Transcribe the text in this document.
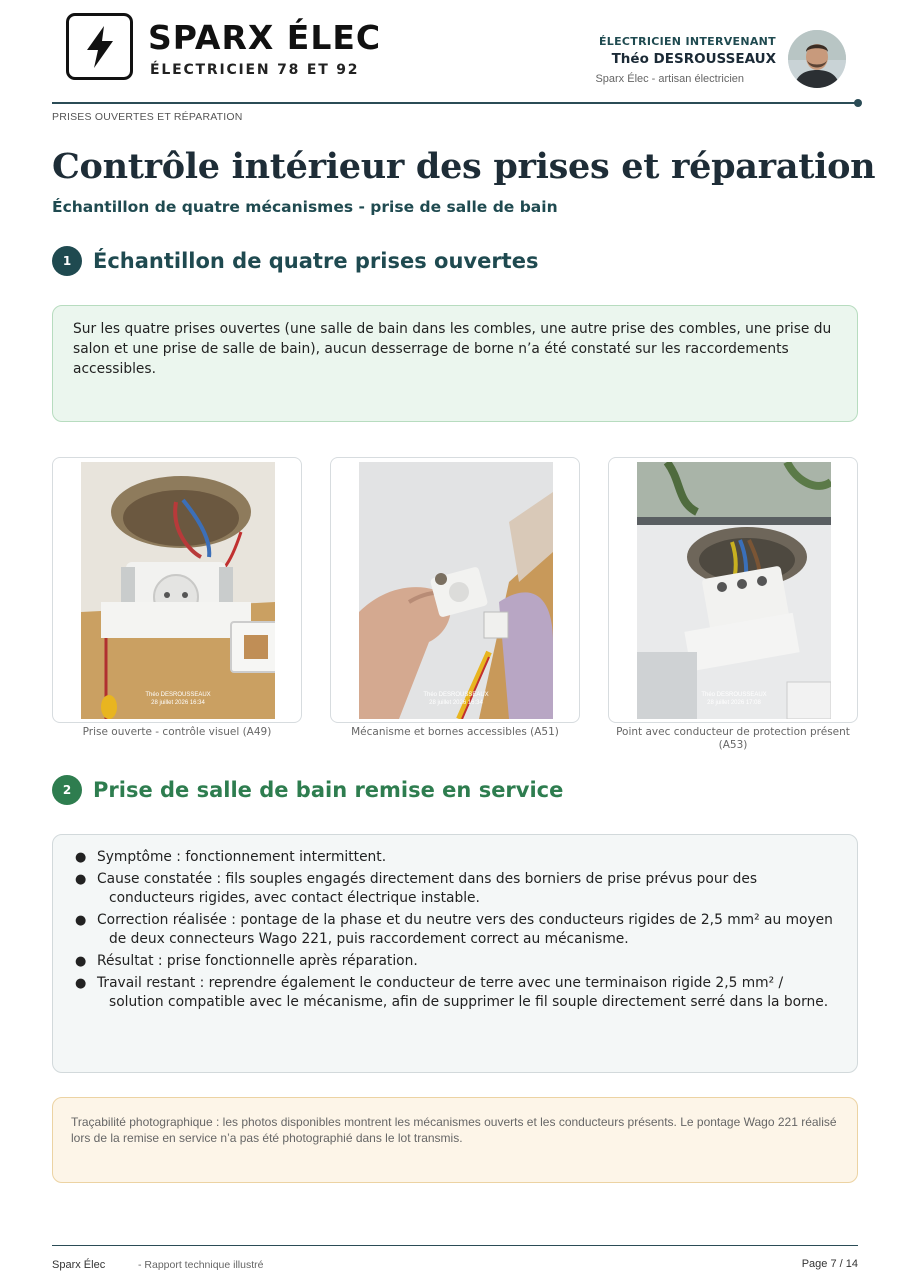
SPARX ÉLEC
ÉLECTRICIEN 78 ET 92
ÉLECTRICIEN INTERVENANT
Théo DESROUSSEAUX
Sparx Élec - artisan électricien
PRISES OUVERTES ET RÉPARATION
Contrôle intérieur des prises et réparation
Échantillon de quatre mécanismes - prise de salle de bain
1	Échantillon de quatre prises ouvertes
Sur les quatre prises ouvertes (une salle de bain dans les combles, une autre prise des combles, une prise du salon et une prise de salle de bain), aucun desserrage de borne n’a été constaté sur les raccordements accessibles.
Théo DESROUSSEAUX
28 juillet 2026 16:34
Prise ouverte - contrôle visuel (A49)
Théo DESROUSSEAUX
28 juillet 2026 16:34
Mécanisme et bornes accessibles (A51)
Théo DESROUSSEAUX
28 juillet 2026 17:08
Point avec conducteur de protection présent (A53)
2	Prise de salle de bain remise en service
● Symptôme : fonctionnement intermittent.
● Cause constatée : fils souples engagés directement dans des borniers de prise prévus pour des conducteurs rigides, avec contact électrique instable.
● Correction réalisée : pontage de la phase et du neutre vers des conducteurs rigides de 2,5 mm² au moyen de deux connecteurs Wago 221, puis raccordement correct au mécanisme.
● Résultat : prise fonctionnelle après réparation.
● Travail restant : reprendre également le conducteur de terre avec une terminaison rigide 2,5 mm² / solution compatible avec le mécanisme, afin de supprimer le fil souple directement serré dans la borne.
Traçabilité photographique : les photos disponibles montrent les mécanismes ouverts et les conducteurs présents. Le pontage Wago 221 réalisé lors de la remise en service n’a pas été photographié dans le lot transmis.
Sparx Élec	- Rapport technique illustré	Page 7 / 14
